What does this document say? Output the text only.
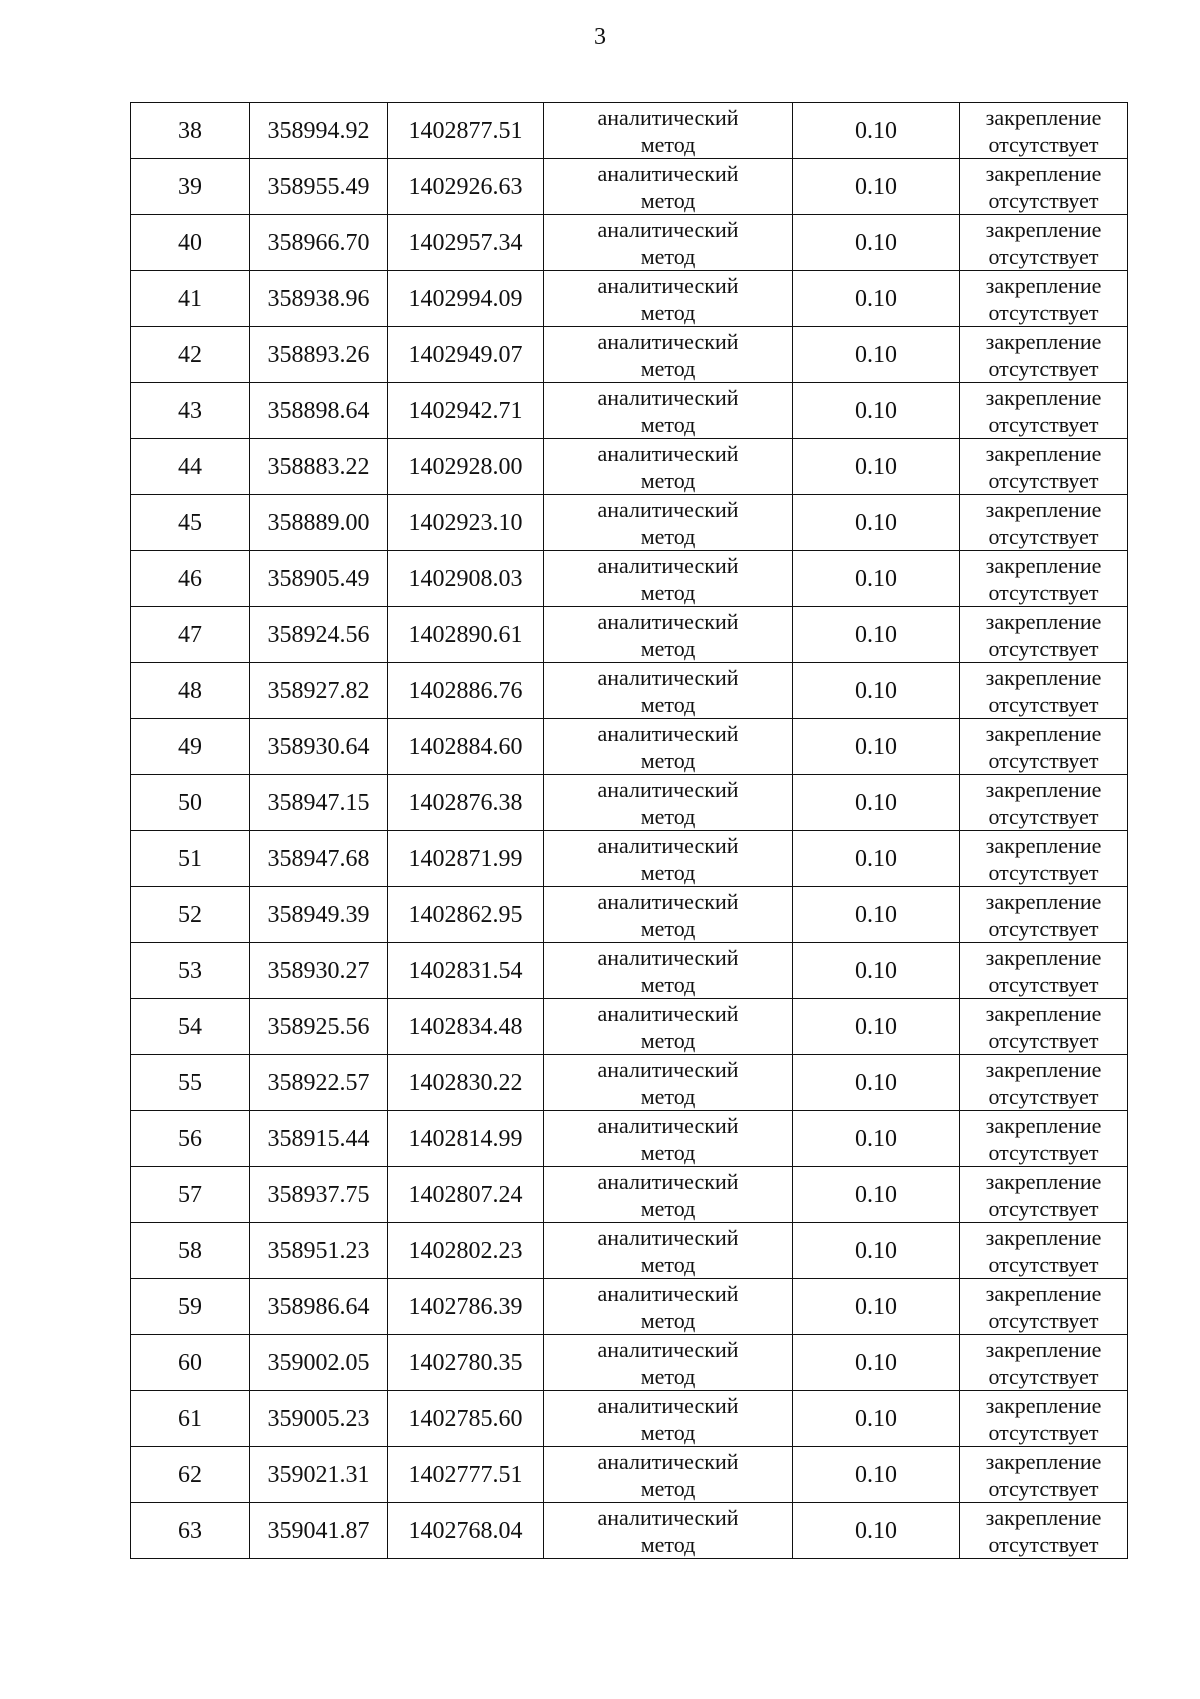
3
38	358994.92	1402877.51	аналитический
метод	0.10	закрепление
отсутствует

39	358955.49	1402926.63	аналитический
метод	0.10	закрепление
отсутствует

40	358966.70	1402957.34	аналитический
метод	0.10	закрепление
отсутствует

41	358938.96	1402994.09	аналитический
метод	0.10	закрепление
отсутствует

42	358893.26	1402949.07	аналитический
метод	0.10	закрепление
отсутствует

43	358898.64	1402942.71	аналитический
метод	0.10	закрепление
отсутствует

44	358883.22	1402928.00	аналитический
метод	0.10	закрепление
отсутствует

45	358889.00	1402923.10	аналитический
метод	0.10	закрепление
отсутствует

46	358905.49	1402908.03	аналитический
метод	0.10	закрепление
отсутствует

47	358924.56	1402890.61	аналитический
метод	0.10	закрепление
отсутствует

48	358927.82	1402886.76	аналитический
метод	0.10	закрепление
отсутствует

49	358930.64	1402884.60	аналитический
метод	0.10	закрепление
отсутствует

50	358947.15	1402876.38	аналитический
метод	0.10	закрепление
отсутствует

51	358947.68	1402871.99	аналитический
метод	0.10	закрепление
отсутствует

52	358949.39	1402862.95	аналитический
метод	0.10	закрепление
отсутствует

53	358930.27	1402831.54	аналитический
метод	0.10	закрепление
отсутствует

54	358925.56	1402834.48	аналитический
метод	0.10	закрепление
отсутствует

55	358922.57	1402830.22	аналитический
метод	0.10	закрепление
отсутствует

56	358915.44	1402814.99	аналитический
метод	0.10	закрепление
отсутствует

57	358937.75	1402807.24	аналитический
метод	0.10	закрепление
отсутствует

58	358951.23	1402802.23	аналитический
метод	0.10	закрепление
отсутствует

59	358986.64	1402786.39	аналитический
метод	0.10	закрепление
отсутствует

60	359002.05	1402780.35	аналитический
метод	0.10	закрепление
отсутствует

61	359005.23	1402785.60	аналитический
метод	0.10	закрепление
отсутствует

62	359021.31	1402777.51	аналитический
метод	0.10	закрепление
отсутствует

63	359041.87	1402768.04	аналитический
метод	0.10	закрепление
отсутствует
